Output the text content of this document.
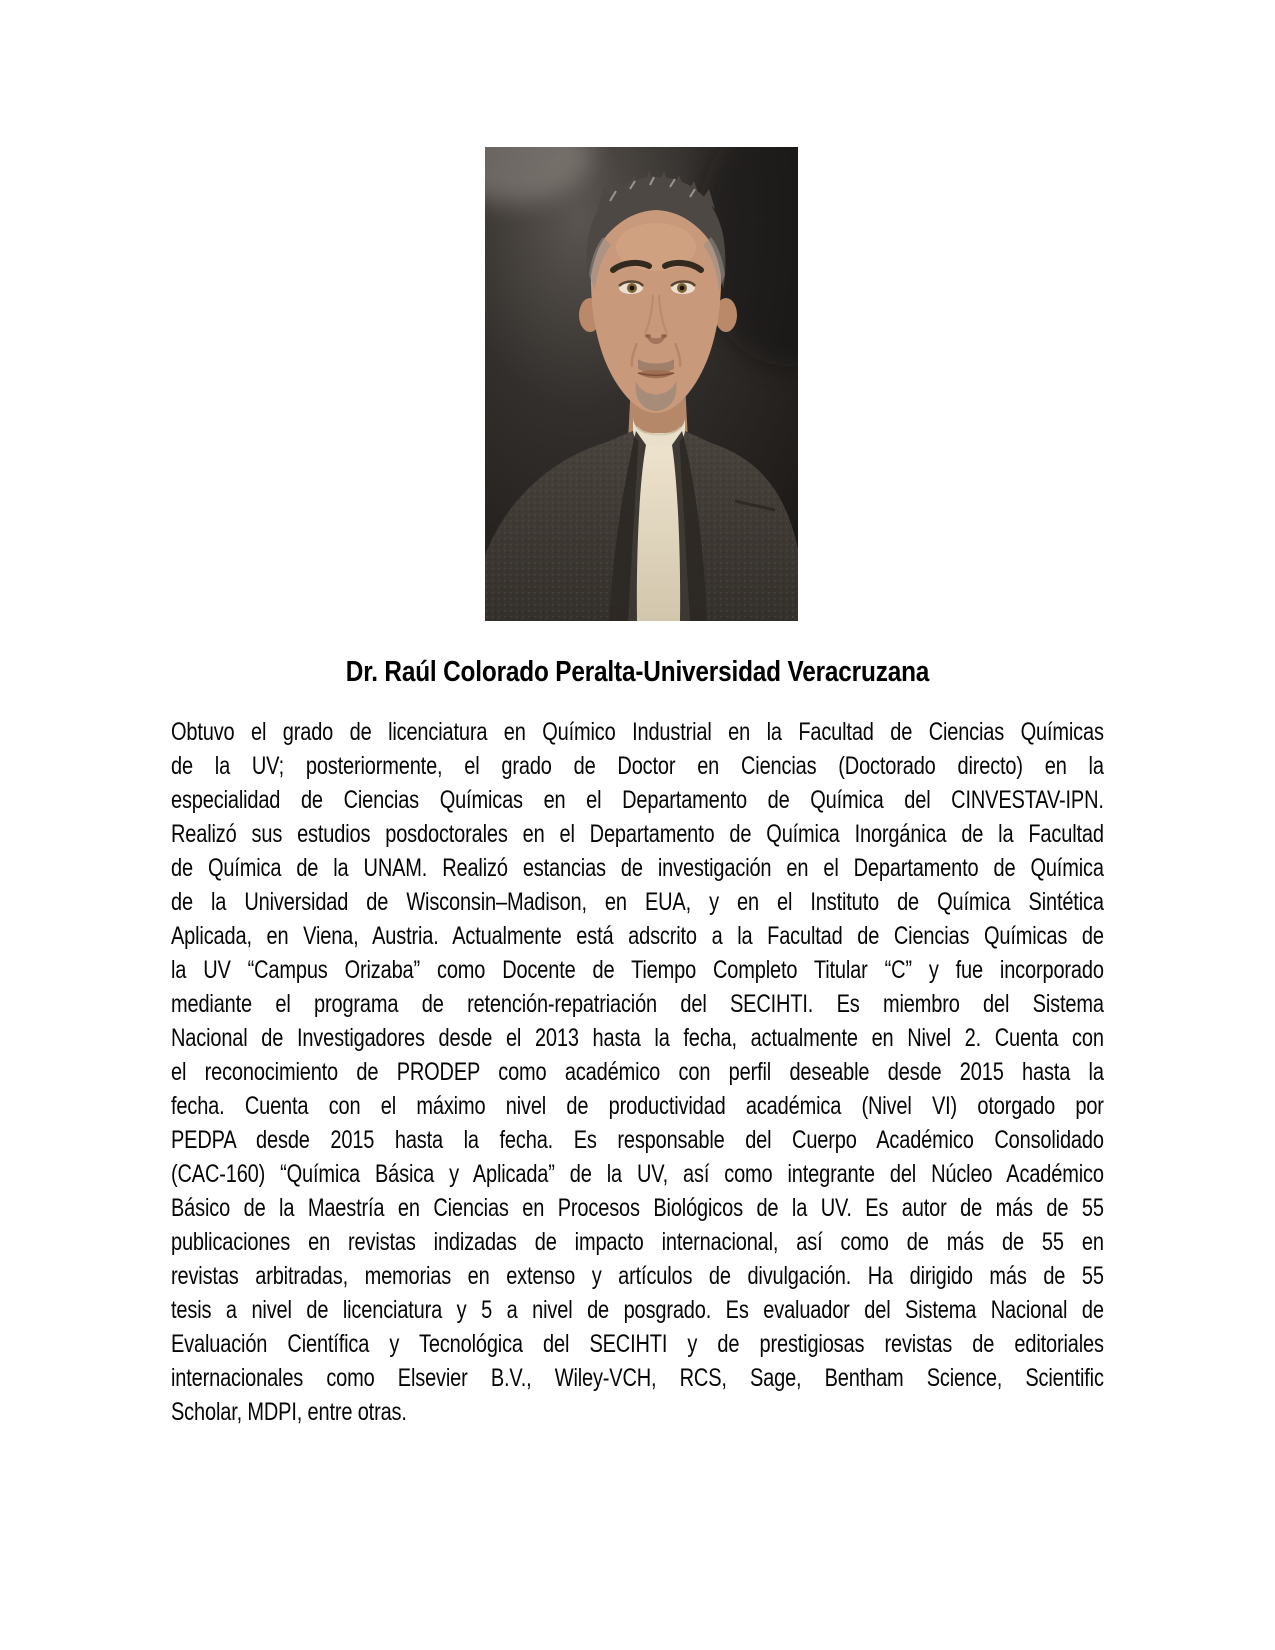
Dr. Raúl Colorado Peralta-Universidad Veracruzana
Obtuvo el grado de licenciatura en Químico Industrial en la Facultad de Ciencias Químicas
de la UV; posteriormente, el grado de Doctor en Ciencias (Doctorado directo) en la
especialidad de Ciencias Químicas en el Departamento de Química del CINVESTAV-IPN.
Realizó sus estudios posdoctorales en el Departamento de Química Inorgánica de la Facultad
de Química de la UNAM. Realizó estancias de investigación en el Departamento de Química
de la Universidad de Wisconsin–Madison, en EUA, y en el Instituto de Química Sintética
Aplicada, en Viena, Austria. Actualmente está adscrito a la Facultad de Ciencias Químicas de
la UV “Campus Orizaba” como Docente de Tiempo Completo Titular “C” y fue incorporado
mediante el programa de retención-repatriación del SECIHTI. Es miembro del Sistema
Nacional de Investigadores desde el 2013 hasta la fecha, actualmente en Nivel 2. Cuenta con
el reconocimiento de PRODEP como académico con perfil deseable desde 2015 hasta la
fecha. Cuenta con el máximo nivel de productividad académica (Nivel VI) otorgado por
PEDPA desde 2015 hasta la fecha. Es responsable del Cuerpo Académico Consolidado
(CAC-160) “Química Básica y Aplicada” de la UV, así como integrante del Núcleo Académico
Básico de la Maestría en Ciencias en Procesos Biológicos de la UV. Es autor de más de 55
publicaciones en revistas indizadas de impacto internacional, así como de más de 55 en
revistas arbitradas, memorias en extenso y artículos de divulgación. Ha dirigido más de 55
tesis a nivel de licenciatura y 5 a nivel de posgrado. Es evaluador del Sistema Nacional de
Evaluación Científica y Tecnológica del SECIHTI y de prestigiosas revistas de editoriales
internacionales como Elsevier B.V., Wiley-VCH, RCS, Sage, Bentham Science, Scientific
Scholar, MDPI, entre otras.
